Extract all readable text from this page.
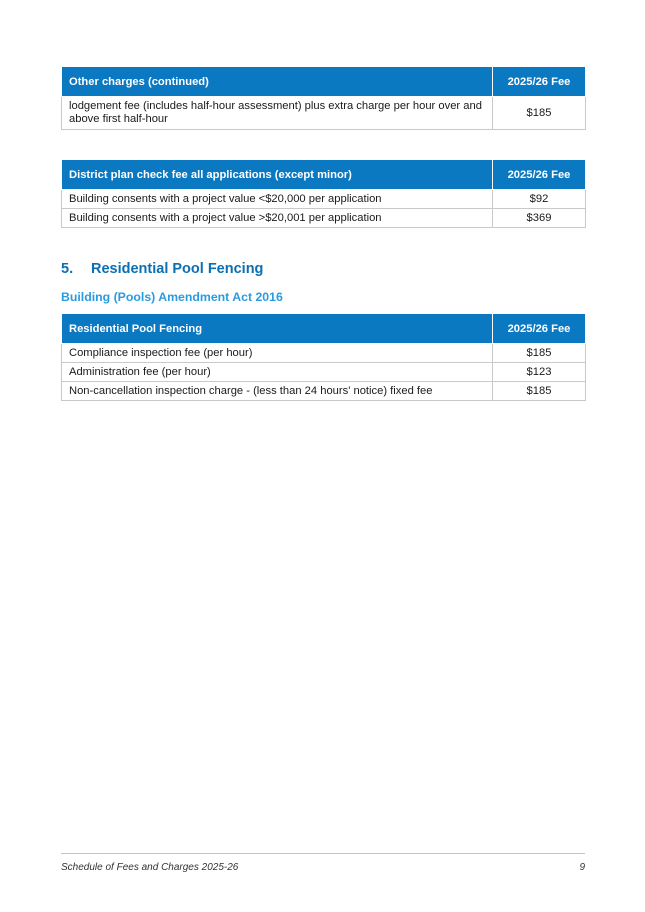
Other charges (continued)	2025/26 Fee
lodgement fee (includes half-hour assessment) plus extra charge per hour over and above first half-hour	$185
District plan check fee all applications (except minor)	2025/26 Fee
Building consents with a project value <$20,000 per application	$92
Building consents with a project value >$20,001 per application	$369
5. Residential Pool Fencing
Building (Pools) Amendment Act 2016
Residential Pool Fencing	2025/26 Fee
Compliance inspection fee (per hour)	$185
Administration fee (per hour)	$123
Non-cancellation inspection charge - (less than 24 hours' notice) fixed fee	$185
Schedule of Fees and Charges 2025-26	9
